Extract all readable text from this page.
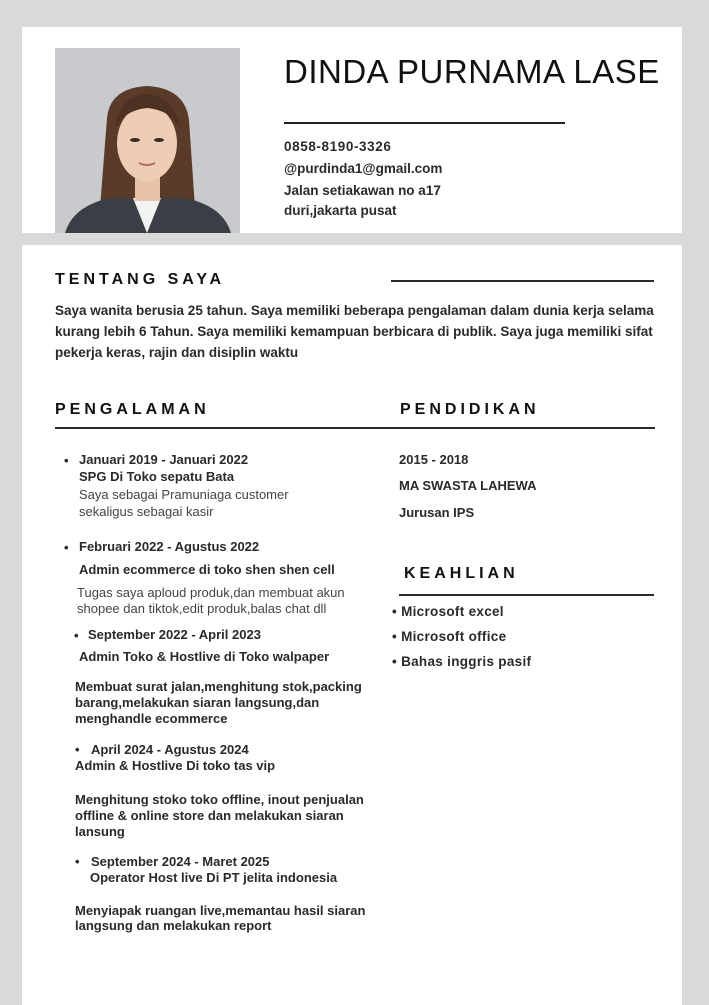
DINDA PURNAMA LASE
0858-8190-3326
@purdinda1@gmail.com
Jalan setiakawan no a17
duri,jakarta pusat
TENTANG SAYA
Saya wanita berusia 25 tahun. Saya memiliki beberapa pengalaman dalam dunia kerja selama kurang lebih 6 Tahun. Saya memiliki kemampuan berbicara di publik. Saya juga memiliki sifat pekerja keras, rajin dan disiplin waktu
PENGALAMAN
• Januari 2019 - Januari 2022
SPG Di Toko sepatu Bata
Saya sebagai Pramuniaga customer
sekaligus sebagai kasir
• Februari 2022 - Agustus 2022
Admin ecommerce di toko shen shen cell
Tugas saya aploud produk,dan membuat akun
shopee dan tiktok,edit produk,balas chat dll
• September 2022 - April 2023
Admin Toko & Hostlive di Toko walpaper
Membuat surat jalan,menghitung stok,packing
barang,melakukan siaran langsung,dan
menghandle ecommerce
• April 2024 - Agustus 2024
Admin & Hostlive Di toko tas vip
Menghitung stoko toko offline, inout penjualan
offline & online store dan melakukan siaran
lansung
• September 2024 - Maret 2025
Operator Host live Di PT jelita indonesia
Menyiapak ruangan live,memantau hasil siaran
langsung dan melakukan report
PENDIDIKAN
2015 - 2018
MA SWASTA LAHEWA
Jurusan IPS
KEAHLIAN
• Microsoft excel
• Microsoft office
• Bahas inggris pasif
